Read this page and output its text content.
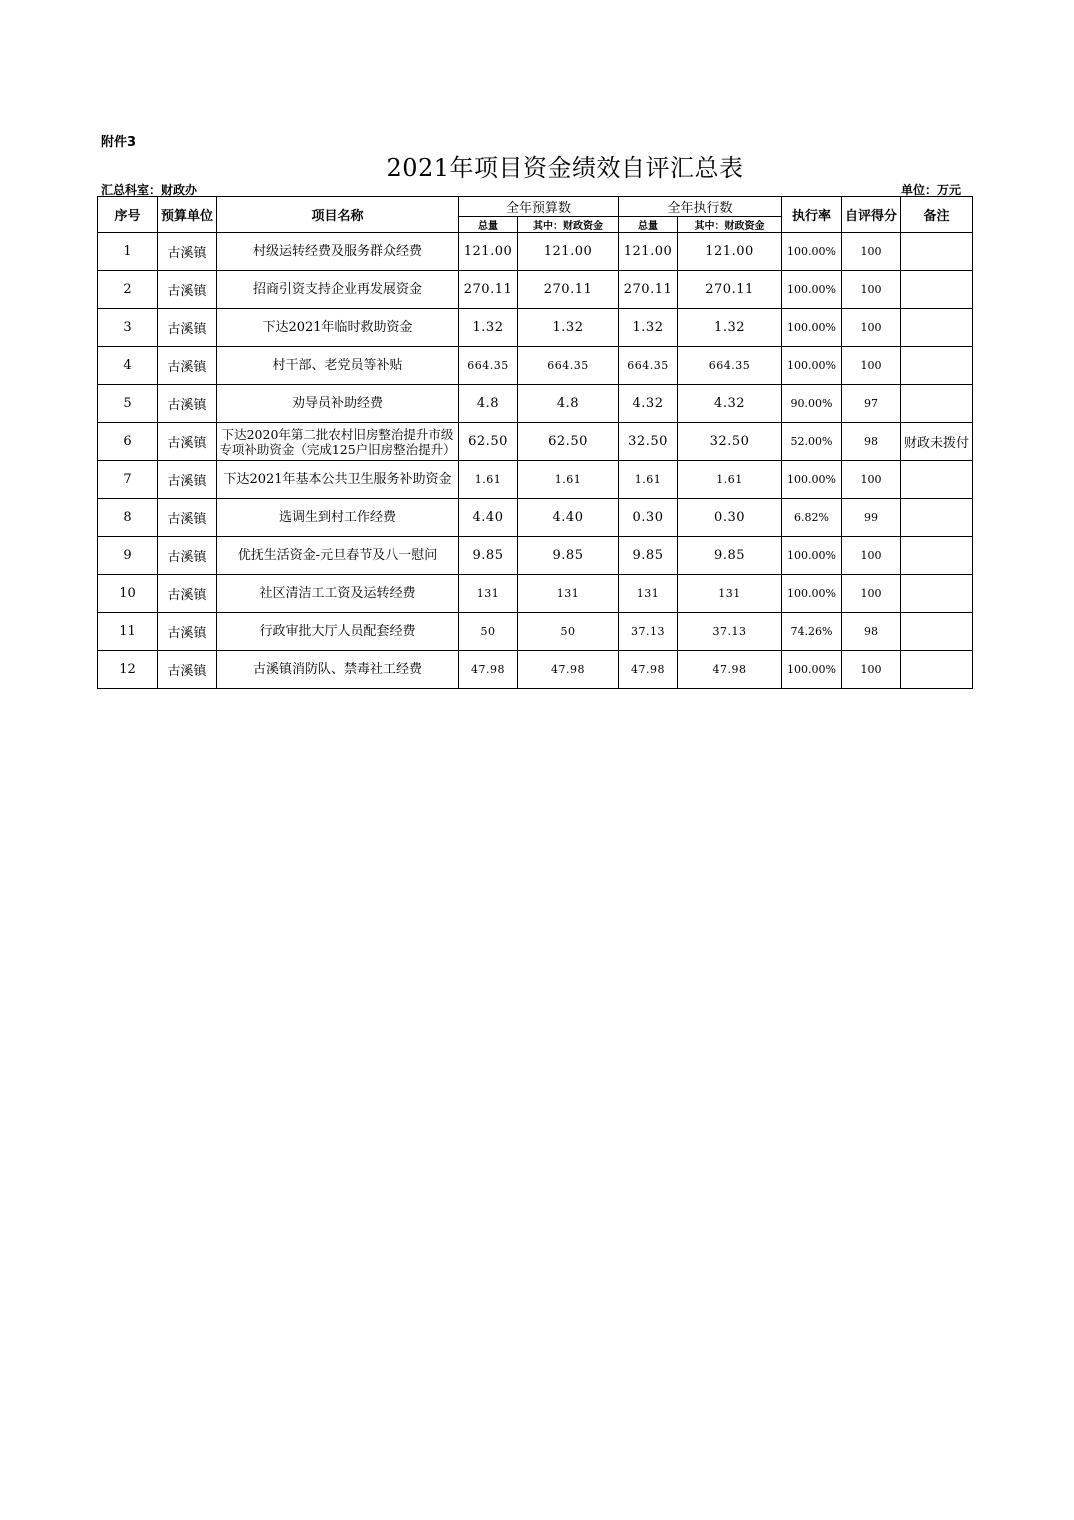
附件3
2021年项目资金绩效自评汇总表
汇总科室：财政办	单位：万元
序号	预算单位	项目名称	全年预算数		全年执行数		执行率	自评得分	备注
			总量	其中：财政资金	总量	其中：财政资金			
1	古溪镇	村级运转经费及服务群众经费	121.00	121.00	121.00	121.00	100.00%	100	
2	古溪镇	招商引资支持企业再发展资金	270.11	270.11	270.11	270.11	100.00%	100	
3	古溪镇	下达2021年临时救助资金	1.32	1.32	1.32	1.32	100.00%	100	
4	古溪镇	村干部、老党员等补贴	664.35	664.35	664.35	664.35	100.00%	100	
5	古溪镇	劝导员补助经费	4.8	4.8	4.32	4.32	90.00%	97	
6	古溪镇	下达2020年第二批农村旧房整治提升市级专项补助资金（完成125户旧房整治提升）	62.50	62.50	32.50	32.50	52.00%	98	财政未拨付
7	古溪镇	下达2021年基本公共卫生服务补助资金	1.61	1.61	1.61	1.61	100.00%	100	
8	古溪镇	选调生到村工作经费	4.40	4.40	0.30	0.30	6.82%	99	
9	古溪镇	优抚生活资金-元旦春节及八一慰问	9.85	9.85	9.85	9.85	100.00%	100	
10	古溪镇	社区清洁工工资及运转经费	131	131	131	131	100.00%	100	
11	古溪镇	行政审批大厅人员配套经费	50	50	37.13	37.13	74.26%	98	
12	古溪镇	古溪镇消防队、禁毒社工经费	47.98	47.98	47.98	47.98	100.00%	100	
